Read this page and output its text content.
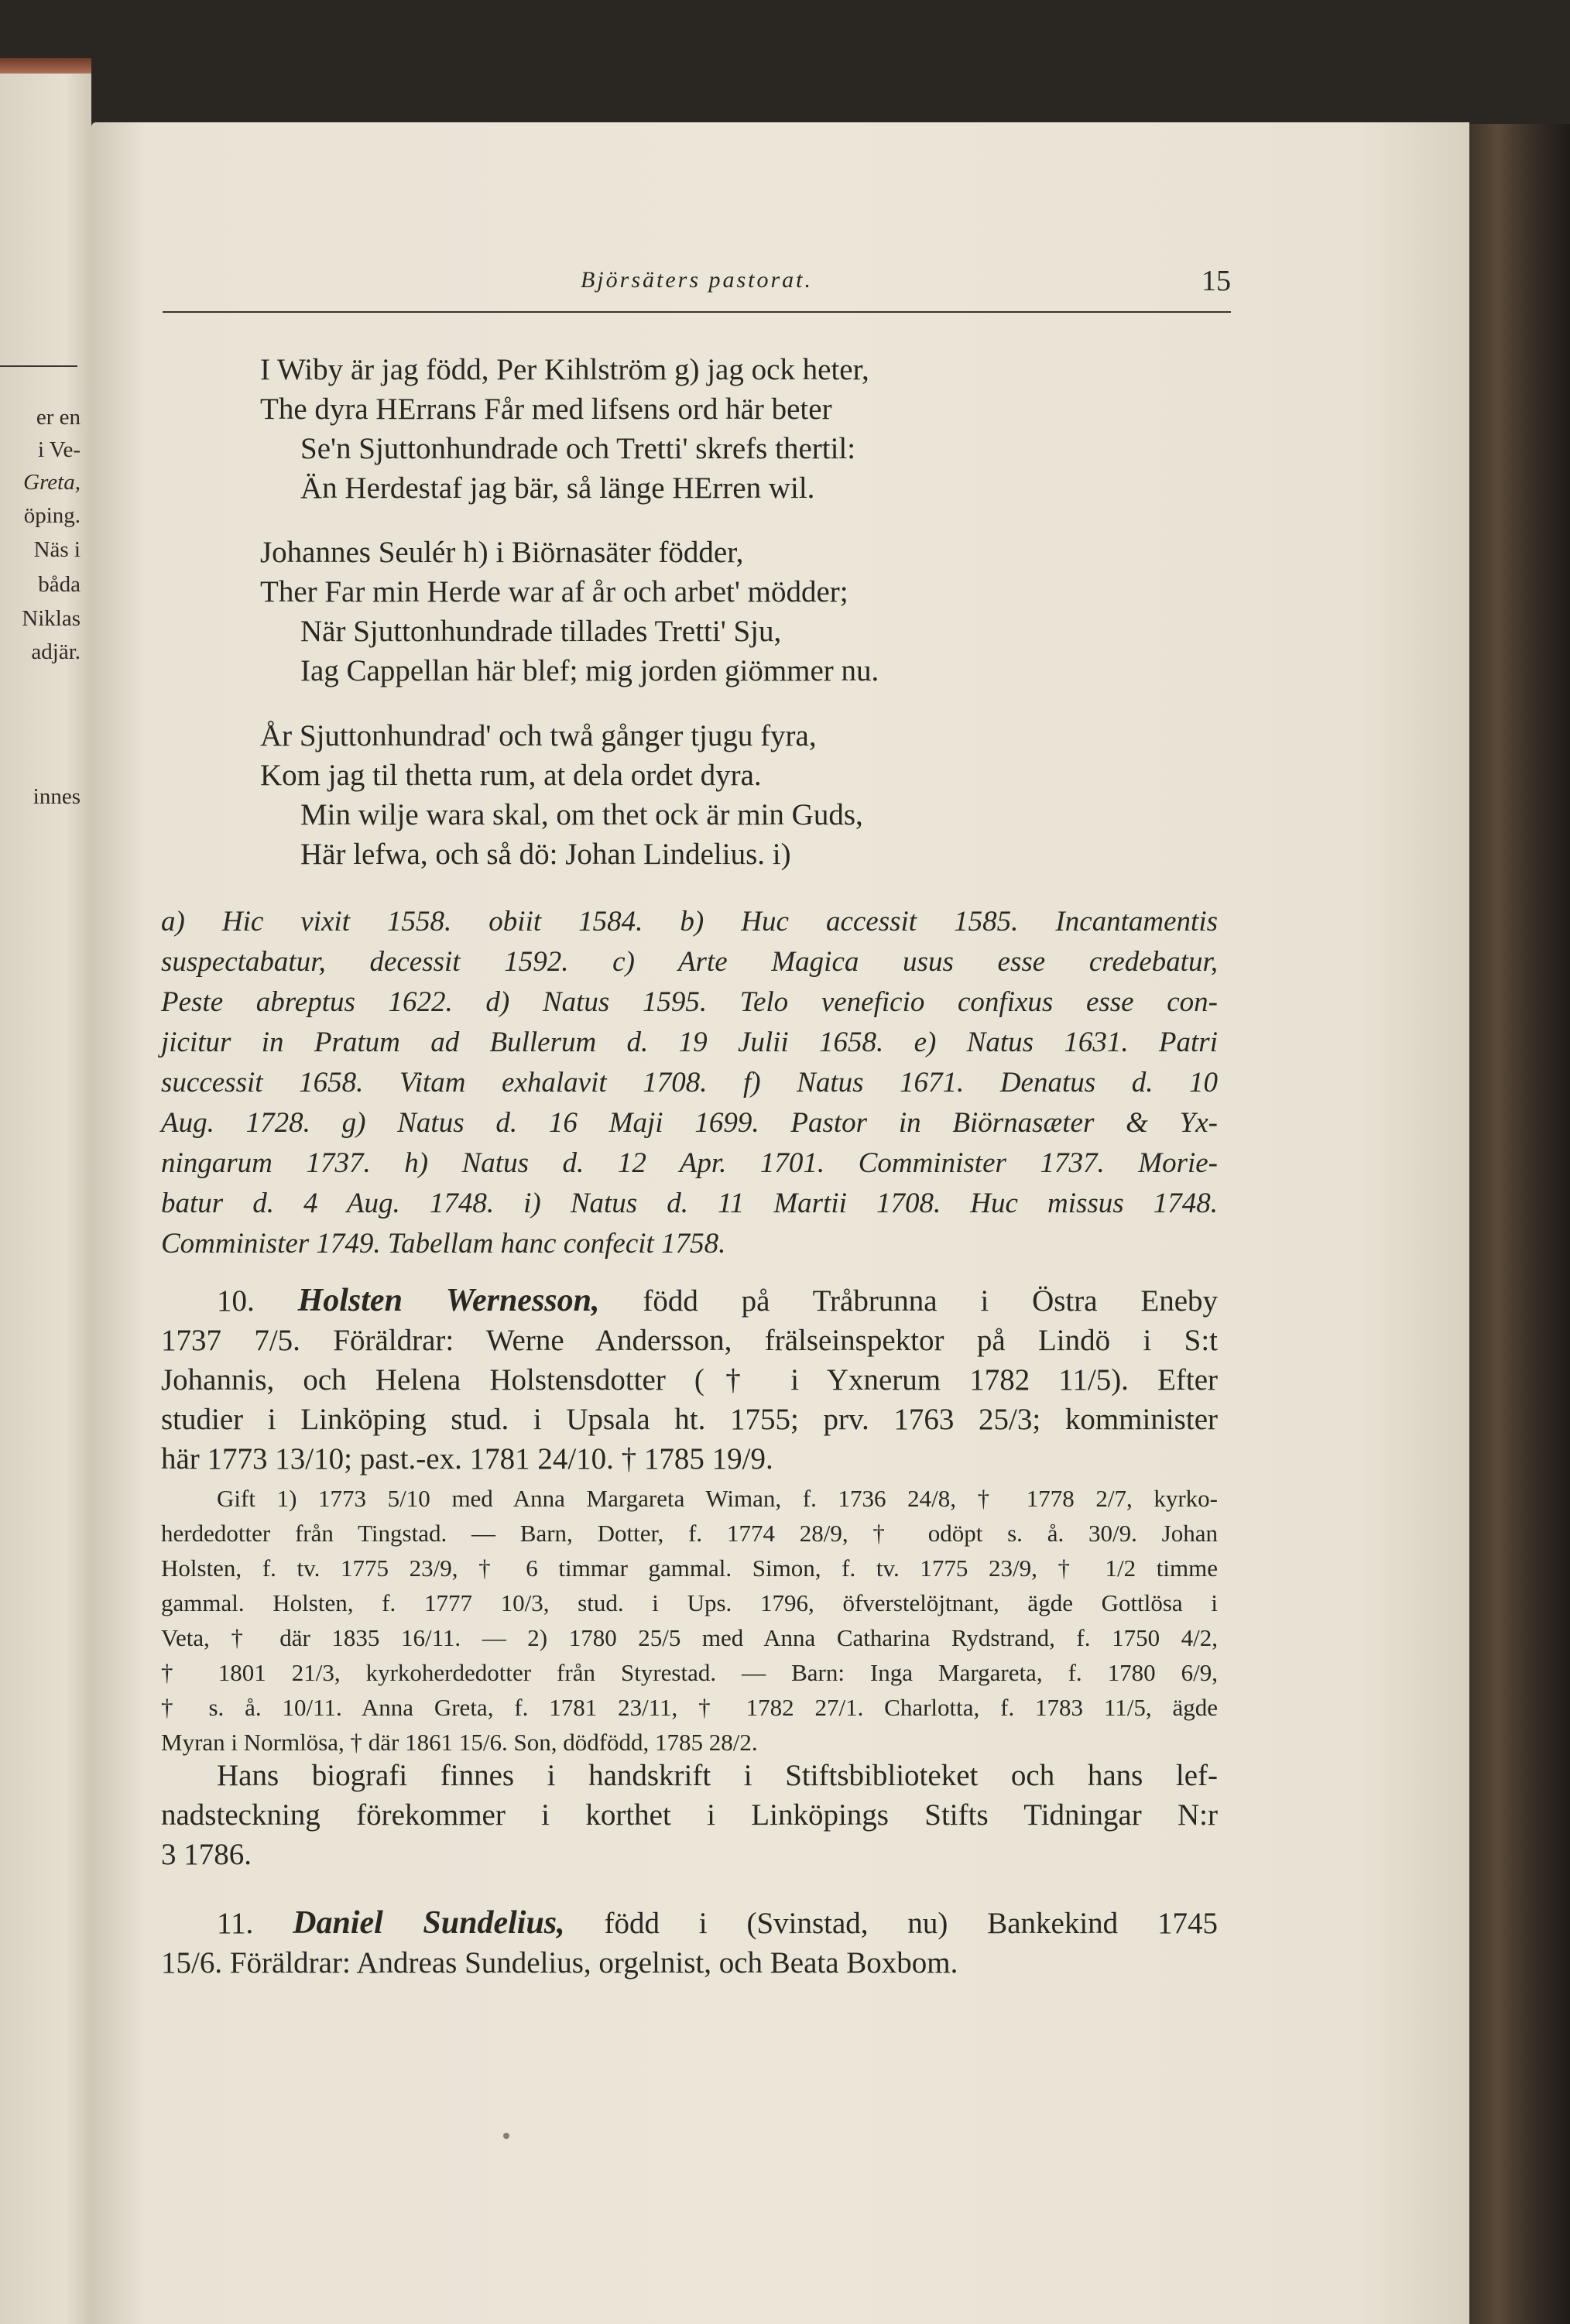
er en
i Ve-
Greta,
öping.
Näs i
båda
Niklas
adjär.
innes
Björsäters pastorat.	15
I Wiby är jag född, Per Kihlström g) jag ock heter,
The dyra HErrans Får med lifsens ord här beter
Se'n Sjuttonhundrade och Tretti' skrefs thertil:
Än Herdestaf jag bär, så länge HErren wil.
Johannes Seulér h) i Biörnasäter födder,
Ther Far min Herde war af år och arbet' mödder;
När Sjuttonhundrade tillades Tretti' Sju,
Iag Cappellan här blef; mig jorden giömmer nu.
År Sjuttonhundrad' och twå gånger tjugu fyra,
Kom jag til thetta rum, at dela ordet dyra.
Min wilje wara skal, om thet ock är min Guds,
Här lefwa, och så dö: Johan Lindelius. i)
a) Hic vixit 1558. obiit 1584. b) Huc accessit 1585. Incantamentis
suspectabatur, decessit 1592. c) Arte Magica usus esse credebatur,
Peste abreptus 1622. d) Natus 1595. Telo veneficio confixus esse con-
jicitur in Pratum ad Bullerum d. 19 Julii 1658. e) Natus 1631. Patri
successit 1658. Vitam exhalavit 1708. f) Natus 1671. Denatus d. 10
Aug. 1728. g) Natus d. 16 Maji 1699. Pastor in Biörnasæter & Yx-
ningarum 1737. h) Natus d. 12 Apr. 1701. Comminister 1737. Morie-
batur d. 4 Aug. 1748. i) Natus d. 11 Martii 1708. Huc missus 1748.
Comminister 1749. Tabellam hanc confecit 1758.
10. Holsten Wernesson, född på Tråbrunna i Östra Eneby
1737 7/5. Föräldrar: Werne Andersson, frälseinspektor på Lindö i S:t
Johannis, och Helena Holstensdotter († i Yxnerum 1782 11/5). Efter
studier i Linköping stud. i Upsala ht. 1755; prv. 1763 25/3; komminister
här 1773 13/10; past.-ex. 1781 24/10. † 1785 19/9.
Gift 1) 1773 5/10 med Anna Margareta Wiman, f. 1736 24/8, † 1778 2/7, kyrko-
herdedotter från Tingstad. — Barn, Dotter, f. 1774 28/9, † odöpt s. å. 30/9. Johan
Holsten, f. tv. 1775 23/9, † 6 timmar gammal. Simon, f. tv. 1775 23/9, † 1/2 timme
gammal. Holsten, f. 1777 10/3, stud. i Ups. 1796, öfverstelöjtnant, ägde Gottlösa i
Veta, † där 1835 16/11. — 2) 1780 25/5 med Anna Catharina Rydstrand, f. 1750 4/2,
† 1801 21/3, kyrkoherdedotter från Styrestad. — Barn: Inga Margareta, f. 1780 6/9,
† s. å. 10/11. Anna Greta, f. 1781 23/11, † 1782 27/1. Charlotta, f. 1783 11/5, ägde
Myran i Normlösa, † där 1861 15/6. Son, dödfödd, 1785 28/2.
Hans biografi finnes i handskrift i Stiftsbiblioteket och hans lef-
nadsteckning förekommer i korthet i Linköpings Stifts Tidningar N:r
3 1786.
11. Daniel Sundelius, född i (Svinstad, nu) Bankekind 1745
15/6. Föräldrar: Andreas Sundelius, orgelnist, och Beata Boxbom.
